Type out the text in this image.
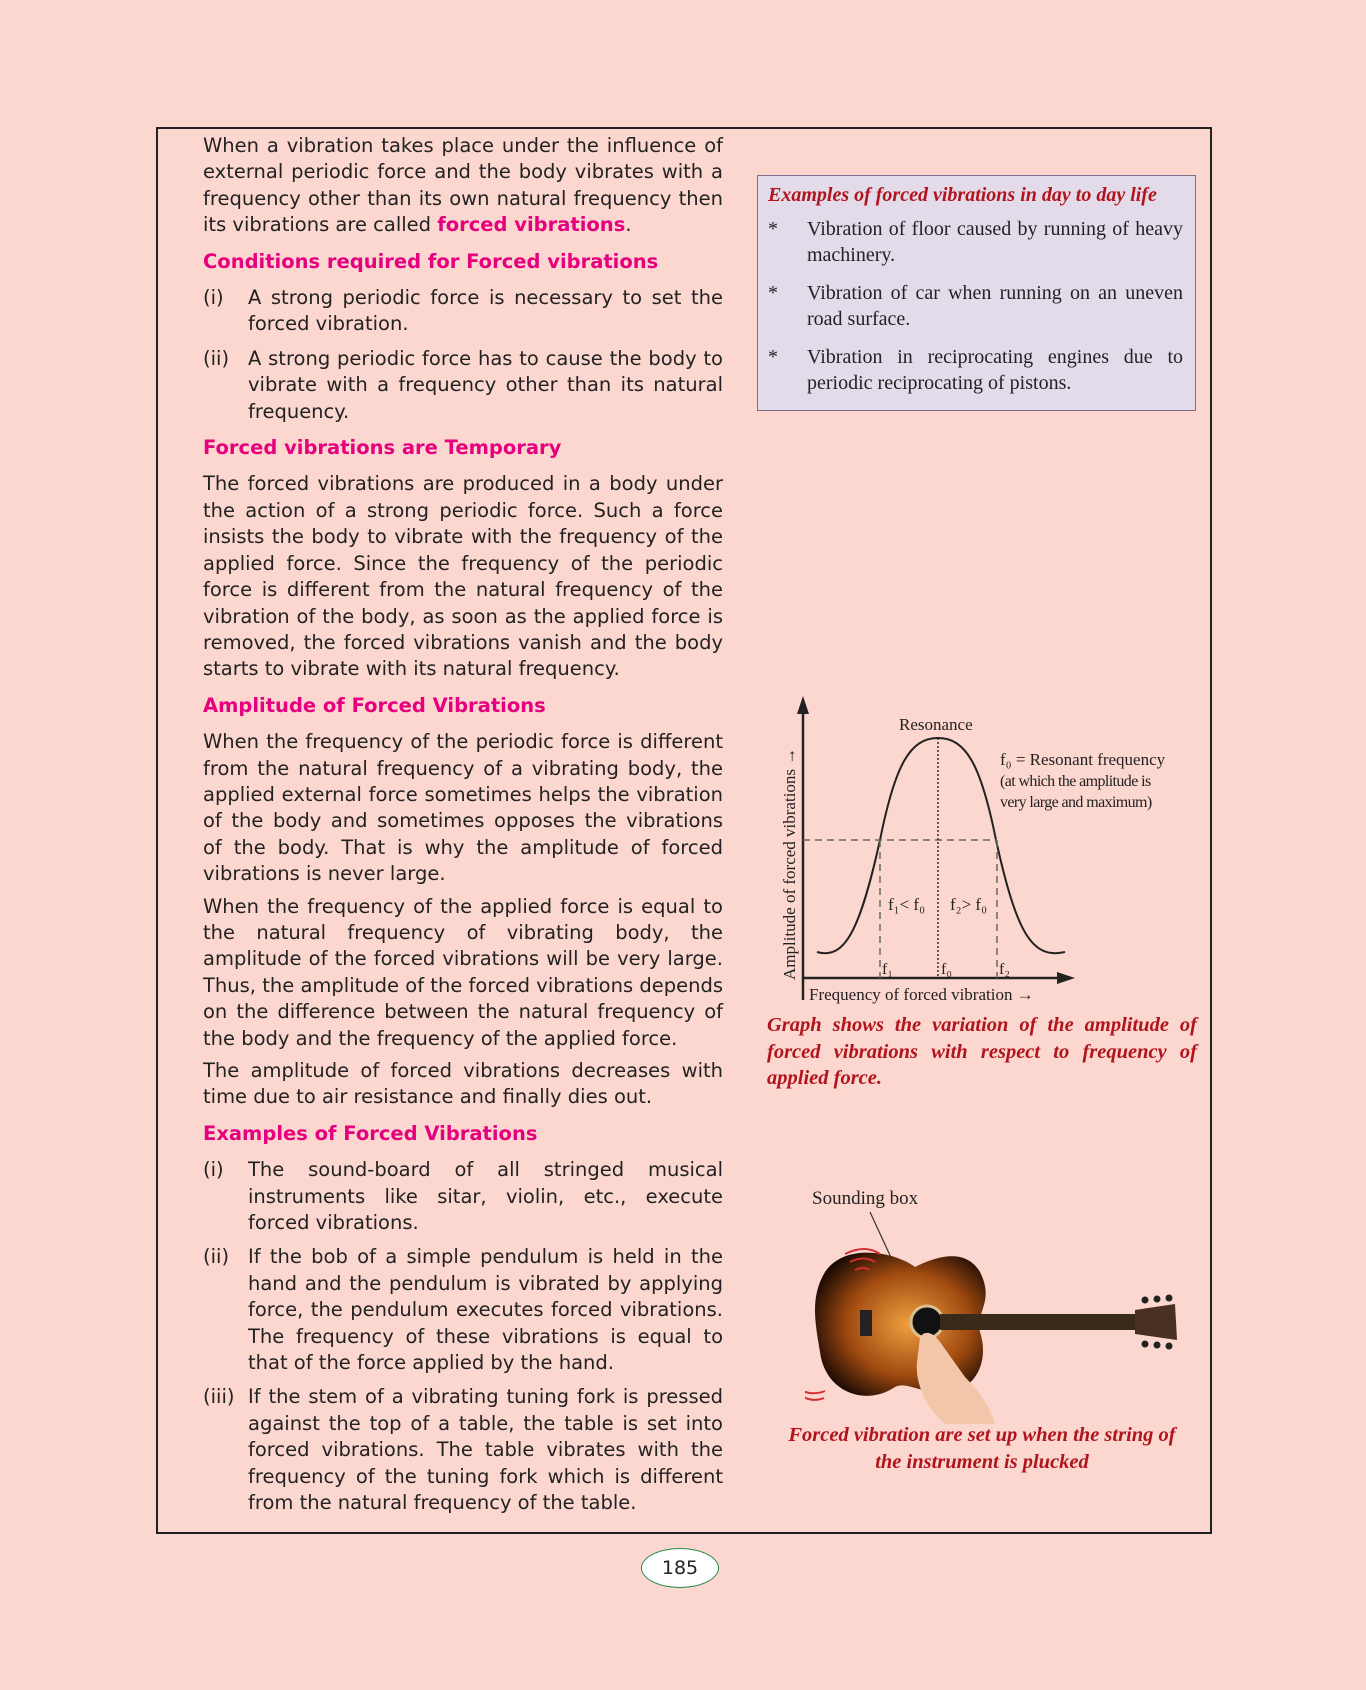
When a vibration takes place under the influence of external periodic force and the body vibrates with a frequency other than its own natural frequency then its vibrations are called forced vibrations.

Conditions required for Forced vibrations

(i)	A strong periodic force is necessary to set the forced vibration.
(ii) A strong periodic force has to cause the body to vibrate with a frequency other than its natural frequency.

Forced vibrations are Temporary

The forced vibrations are produced in a body under the action of a strong periodic force. Such a force insists the body to vibrate with the frequency of the applied force. Since the frequency of the periodic force is different from the natural frequency of the vibration of the body, as soon as the applied force is removed, the forced vibrations vanish and the body starts to vibrate with its natural frequency.

Amplitude of Forced Vibrations

When the frequency of the periodic force is different from the natural frequency of a vibrating body, the applied external force sometimes helps the vibration of the body and sometimes opposes the vibrations of the body. That is why the amplitude of forced vibrations is never large.

When the frequency of the applied force is equal to the natural frequency of vibrating body, the amplitude of the forced vibrations will be very large. Thus, the amplitude of the forced vibrations depends on the difference between the natural frequency of the body and the frequency of the applied force.

The amplitude of forced vibrations decreases with time due to air resistance and finally dies out.

Examples of Forced Vibrations

(i)	The sound-board of all stringed musical instruments like sitar, violin, etc., execute forced vibrations.
(ii) If the bob of a simple pendulum is held in the hand and the pendulum is vibrated by applying force, the pendulum executes forced vibrations. The frequency of these vibrations is equal to that of the force applied by the hand.
(iii) If the stem of a vibrating tuning fork is pressed against the top of a table, the table is set into forced vibrations. The table vibrates with the frequency of the tuning fork which is different from the natural frequency of the table.
Examples of forced vibrations in day to day life
*	Vibration of floor caused by running of heavy machinery.
*	Vibration of car when running on an uneven road surface.
*	Vibration in reciprocating engines due to periodic reciprocating of pistons.
Resonance
f₀ = Resonant frequency
(at which the amplitude is
very large and maximum)
Amplitude of forced vibrations →
Frequency of forced vibration →
f₁< f₀ f₂> f₀
f₁	f₀	f₂
Graph shows the variation of the amplitude of forced vibrations with respect to frequency of applied force.
Sounding box
Forced vibration are set up when the string of
the instrument is plucked
185
